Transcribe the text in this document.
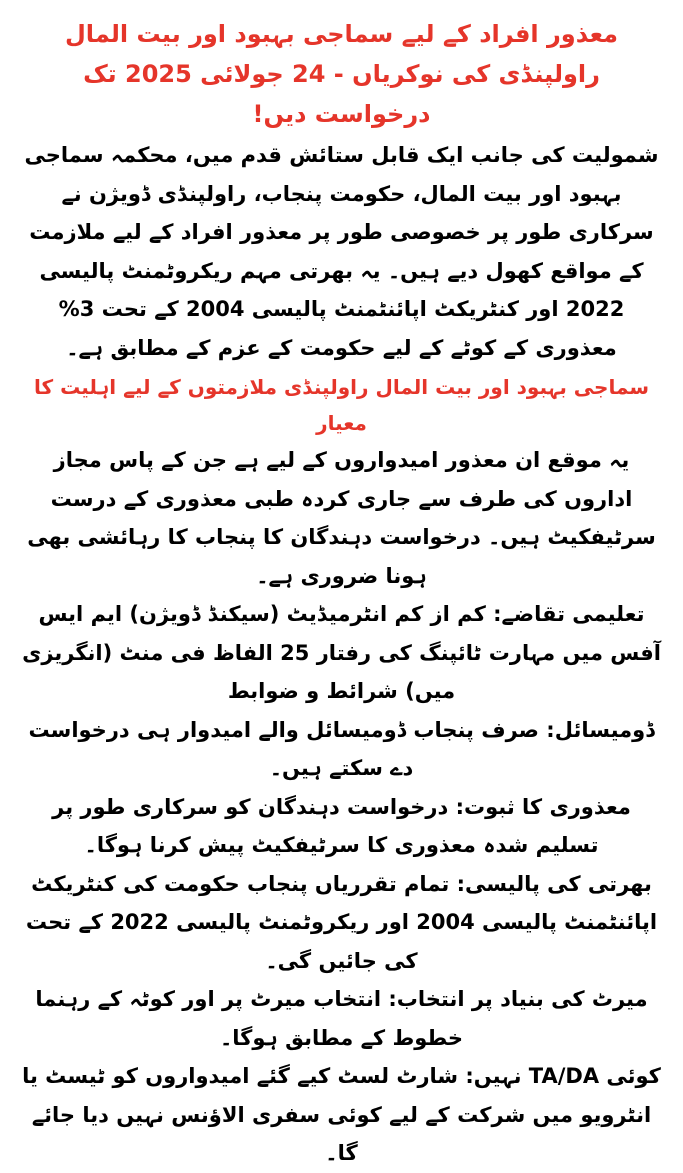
معذور افراد کے لیے سماجی بہبود اور بیت المال راولپنڈی کی نوکریاں - 24 جولائی 2025 تک درخواست دیں!
شمولیت کی جانب ایک قابل ستائش قدم میں، محکمہ سماجی بہبود اور بیت المال، حکومت پنجاب، راولپنڈی ڈویژن نے سرکاری طور پر خصوصی طور پر معذور افراد کے لیے ملازمت کے مواقع کھول دیے ہیں۔ یہ بھرتی مہم ریکروٹمنٹ پالیسی 2022 اور کنٹریکٹ اپائنٹمنٹ پالیسی 2004 کے تحت 3% معذوری کے کوٹے کے لیے حکومت کے عزم کے مطابق ہے۔
سماجی بہبود اور بیت المال راولپنڈی ملازمتوں کے لیے اہلیت کا معیار
یہ موقع ان معذور امیدواروں کے لیے ہے جن کے پاس مجاز اداروں کی طرف سے جاری کردہ طبی معذوری کے درست سرٹیفکیٹ ہیں۔ درخواست دہندگان کا پنجاب کا رہائشی بھی ہونا ضروری ہے۔
تعلیمی تقاضے: کم از کم انٹرمیڈیٹ (سیکنڈ ڈویژن) ایم ایس آفس میں مہارت ٹائپنگ کی رفتار 25 الفاظ فی منٹ (انگریزی میں) شرائط و ضوابط
ڈومیسائل: صرف پنجاب ڈومیسائل والے امیدوار ہی درخواست دے سکتے ہیں۔
معذوری کا ثبوت: درخواست دہندگان کو سرکاری طور پر تسلیم شدہ معذوری کا سرٹیفکیٹ پیش کرنا ہوگا۔
بھرتی کی پالیسی: تمام تقرریاں پنجاب حکومت کی کنٹریکٹ اپائنٹمنٹ پالیسی 2004 اور ریکروٹمنٹ پالیسی 2022 کے تحت کی جائیں گی۔
میرٹ کی بنیاد پر انتخاب: انتخاب میرٹ پر اور کوٹہ کے رہنما خطوط کے مطابق ہوگا۔
کوئی TA/DA نہیں: شارٹ لسٹ کیے گئے امیدواروں کو ٹیسٹ یا انٹرویو میں شرکت کے لیے کوئی سفری الاؤنس نہیں دیا جائے گا۔
